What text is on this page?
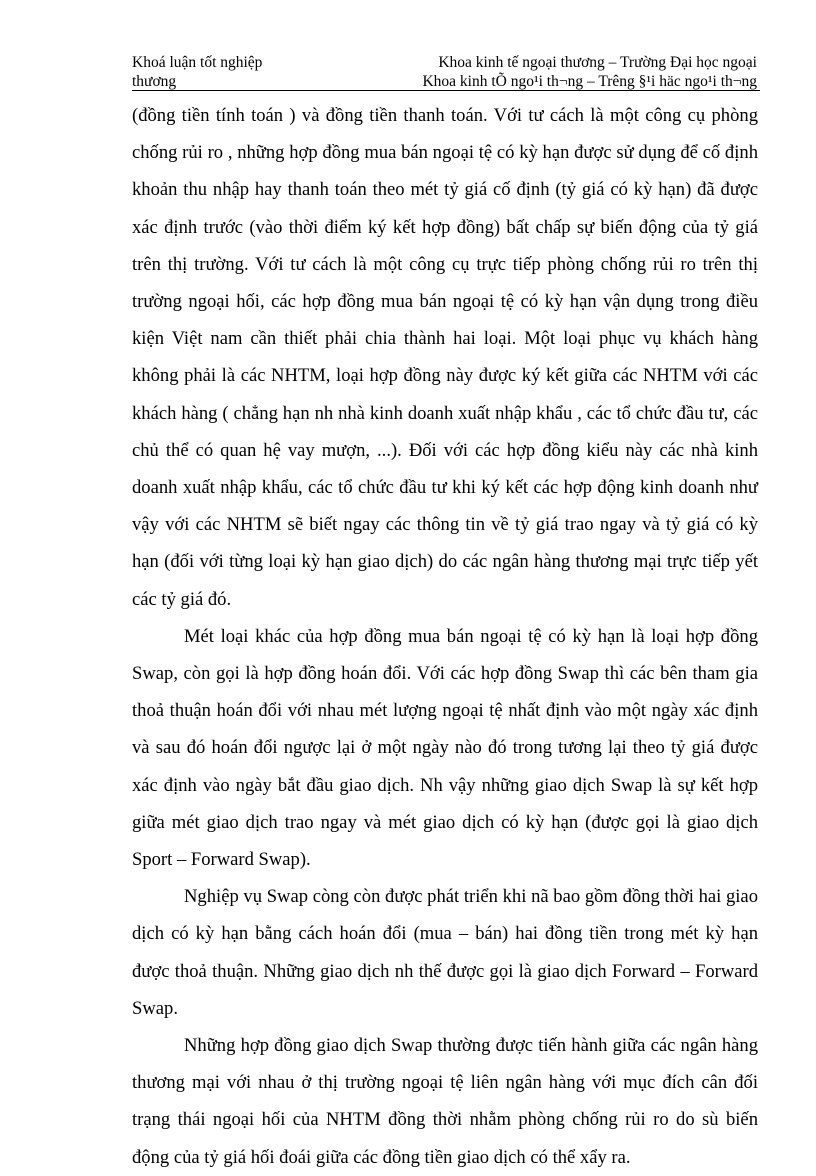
Khoá luận tốt nghiệp
thương
Khoa kinh tế ngoại thương – Trường Đại học ngoại
Khoa kinh tÕ ngo¹i th¬ng – Trêng §¹i häc ngo¹i th¬ng

(đồng tiền tính toán ) và đồng tiền thanh toán. Với tư cách là một công cụ phòng chống rủi ro , những hợp đồng mua bán ngoại tệ có kỳ hạn được sử dụng để cố định khoản thu nhập hay thanh toán theo mét tỷ giá cố định (tỷ giá có kỳ hạn) đã được xác định trước (vào thời điểm ký kết hợp đồng) bất chấp sự biến động của tỷ giá trên thị trường. Với tư cách là một công cụ trực tiếp phòng chống rủi ro trên thị trường ngoại hối, các hợp đồng mua bán ngoại tệ có kỳ hạn vận dụng trong điều kiện Việt nam cần thiết phải chia thành hai loại. Một loại phục vụ khách hàng không phải là các NHTM, loại hợp đồng này được ký kết giữa các NHTM với các khách hàng ( chẳng hạn nh nhà kinh doanh xuất nhập khẩu , các tổ chức đầu tư, các chủ thể có quan hệ vay mượn, ...). Đối với các hợp đồng kiểu này các nhà kinh doanh xuất nhập khẩu, các tổ chức đầu tư khi ký kết các hợp động kinh doanh như vậy với các NHTM sẽ biết ngay các thông tin về tỷ giá trao ngay và tỷ giá có kỳ hạn (đối với từng loại kỳ hạn giao dịch) do các ngân hàng thương mại trực tiếp yết các tỷ giá đó.

Mét loại khác của hợp đồng mua bán ngoại tệ có kỳ hạn là loại hợp đồng Swap, còn gọi là hợp đồng hoán đổi. Với các hợp đồng Swap thì các bên tham gia thoả thuận hoán đổi với nhau mét lượng ngoại tệ nhất định vào một ngày xác định và sau đó hoán đổi ngược lại ở một ngày nào đó trong tương lại theo tỷ giá được xác định vào ngày bắt đầu giao dịch. Nh vậy những giao dịch Swap là sự kết hợp giữa mét giao dịch trao ngay và mét giao dịch có kỳ hạn (được gọi là giao dịch Sport – Forward Swap).

Nghiệp vụ Swap còng còn được phát triển khi nã bao gồm đồng thời hai giao dịch có kỳ hạn bằng cách hoán đổi (mua – bán) hai đồng tiền trong mét kỳ hạn được thoả thuận. Những giao dịch nh thế được gọi là giao dịch Forward – Forward Swap.

Những hợp đồng giao dịch Swap thường được tiến hành giữa các ngân hàng thương mại với nhau ở thị trường ngoại tệ liên ngân hàng với mục đích cân đối trạng thái ngoại hối của NHTM đồng thời nhằm phòng chống rủi ro do sù biến động của tỷ giá hối đoái giữa các đồng tiền giao dịch có thể xẩy ra.
